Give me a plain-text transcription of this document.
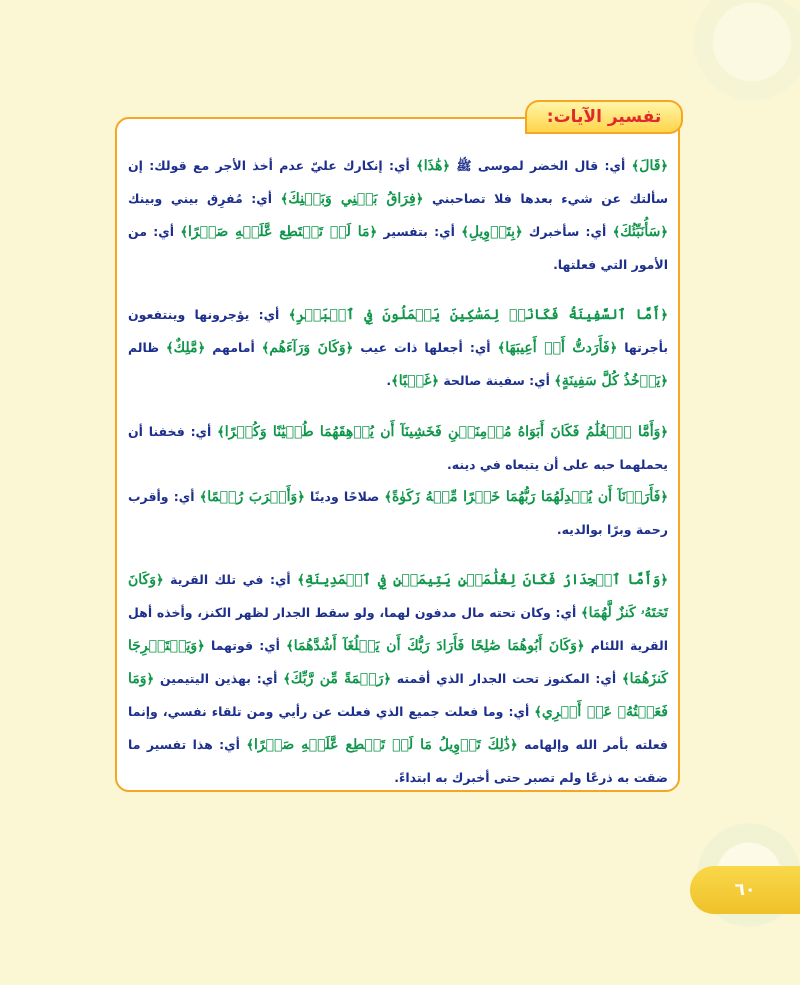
تفسير الآيات:

﴿قَالَ﴾ أي: قال الخضر لموسى ﷺ ﴿هَٰذَا﴾ أي: إنكارك عليّ عدم أخذ الأجر مع قولك: إن سألتك عن شيء بعدها فلا تصاحبني ﴿فِرَاقُ بَيۡنِي وَبَيۡنِكَ﴾ أي: مُفرِق بيني وبينك ﴿سَأُنَبِّئُكَ﴾ أي: سأخبرك ﴿بِتَأۡوِيلِ﴾ أي: بتفسير ﴿مَا لَمۡ تَسۡتَطِع عَّلَيۡهِ صَبۡرًا﴾ أي: من الأمور التي فعلتها.

﴿أَمَّا ٱلسَّفِينَةُ فَكَانَتۡ لِمَسَٰكِينَ يَعۡمَلُونَ فِي ٱلۡبَحۡرِ﴾ أي: يؤجرونها وينتفعون بأجرتها ﴿فَأَرَدتُّ أَنۡ أَعِيبَهَا﴾ أي: أجعلها ذات عيب ﴿وَكَانَ وَرَآءَهُم﴾ أمامهم ﴿مَّلِكٌ﴾ ظالم ﴿يَأۡخُذُ كُلَّ سَفِينَةٍ﴾ أي: سفينة صالحة ﴿غَصۡبًا﴾.

﴿وَأَمَّا ٱلۡغُلَٰمُ فَكَانَ أَبَوَاهُ مُؤۡمِنَيۡنِ فَخَشِينَآ أَن يُرۡهِقَهُمَا طُغۡيَٰنًا وَكُفۡرًا﴾ أي: فخفنا أن يحملهما حبه على أن يتبعاه في دينه.

﴿فَأَرَدۡنَآ أَن يُبۡدِلَهُمَا رَبُّهُمَا خَيۡرًا مِّنۡهُ زَكَوٰةً﴾ صلاحًا ودينًا ﴿وَأَقۡرَبَ رُحۡمًا﴾ أي: وأقرب رحمة وبرًا بوالديه.

﴿وَأَمَّا ٱلۡجِدَارُ فَكَانَ لِغُلَٰمَيۡنِ يَتِيمَيۡنِ فِي ٱلۡمَدِينَةِ﴾ أي: في تلك القرية ﴿وَكَانَ تَحۡتَهُۥ كَنزٌ لَّهُمَا﴾ أي: وكان تحته مال مدفون لهما، ولو سقط الجدار لظهر الكنز، وأخذه أهل القرية اللئام ﴿وَكَانَ أَبُوهُمَا صَٰلِحًا فَأَرَادَ رَبُّكَ أَن يَبۡلُغَآ أَشُدَّهُمَا﴾ أي: قوتهما ﴿وَيَسۡتَخۡرِجَا كَنزَهُمَا﴾ أي: المكنوز تحت الجدار الذي أقمته ﴿رَحۡمَةً مِّن رَّبِّكَ﴾ أي: بهذين اليتيمين ﴿وَمَا فَعَلۡتُهُۥ عَنۡ أَمۡرِي﴾ أي: وما فعلت جميع الذي فعلت عن رأيي ومن تلقاء نفسي، وإنما فعلته بأمر الله وإلهامه ﴿ذَٰلِكَ تَأۡوِيلُ مَا لَمۡ تَسۡطِع عَّلَيۡهِ صَبۡرًا﴾ أي: هذا تفسير ما ضقت به ذرعًا ولم تصبر حتى أخبرك به ابتداءً.

٦٠
